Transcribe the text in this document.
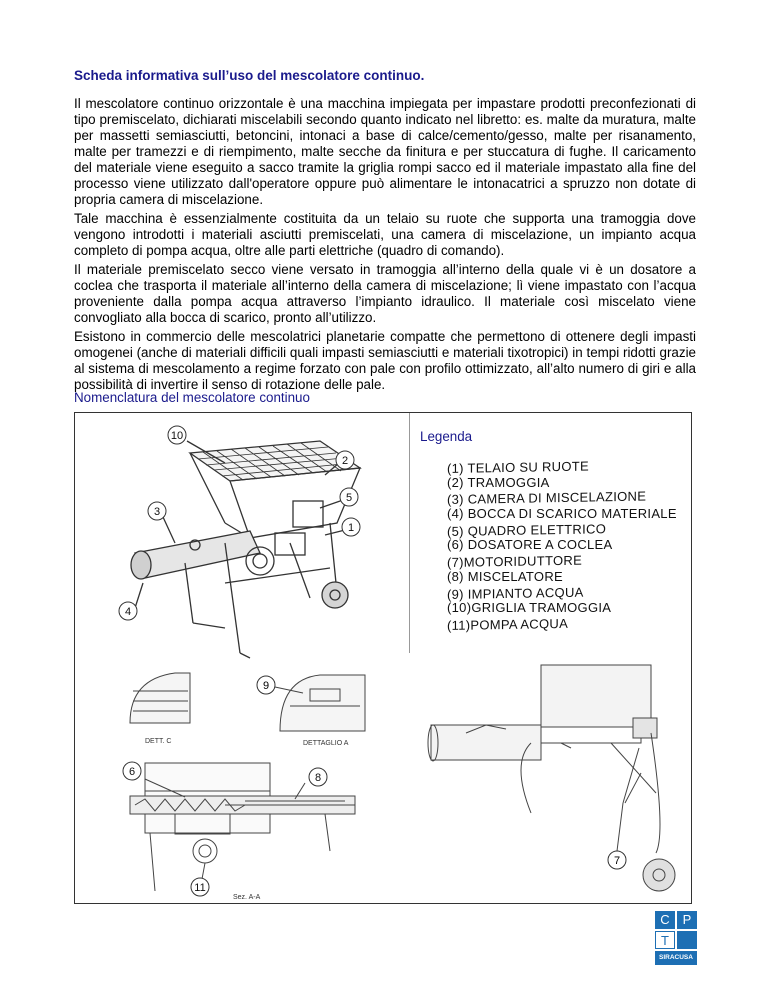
Scheda informativa sull’uso del mescolatore continuo.

Il mescolatore continuo orizzontale è una macchina impiegata per impastare prodotti preconfezionati di tipo premiscelato, dichiarati miscelabili secondo quanto indicato nel libretto: es. malte da muratura, malte per massetti semiasciutti, betoncini, intonaci a base di calce/cemento/gesso, malte per risanamento, malte per tramezzi e di riempimento, malte secche da finitura e per stuccatura di fughe. Il caricamento del materiale viene eseguito a sacco tramite la griglia rompi sacco ed il materiale impastato alla fine del processo viene utilizzato dall'operatore oppure può alimentare le intonacatrici a spruzzo non dotate di propria camera di miscelazione.

Tale macchina è essenzialmente costituita da un telaio su ruote che supporta una tramoggia dove vengono introdotti i materiali asciutti premiscelati, una camera di miscelazione, un impianto acqua completo di pompa acqua, oltre alle parti elettriche (quadro di comando).

Il materiale premiscelato secco viene versato in tramoggia all’interno della quale vi è un dosatore a coclea che trasporta il materiale all’interno della camera di miscelazione; lì viene impastato con l’acqua proveniente dalla pompa acqua attraverso l’impianto idraulico. Il materiale così miscelato viene convogliato alla bocca di scarico, pronto all’utilizzo.

Esistono in commercio delle mescolatrici planetarie compatte che permettono di ottenere degli impasti omogenei (anche di materiali difficili quali impasti semiasciutti e materiali tixotropici) in tempi ridotti grazie al sistema di mescolamento a regime forzato con pale con profilo ottimizzato, all’alto numero di giri e alla possibilità di invertire il senso di rotazione delle pale.

Nomenclatura del mescolatore continuo
Legenda
(1) TELAIO SU RUOTE
(2) TRAMOGGIA
(3) CAMERA DI MISCELAZIONE
(4) BOCCA DI SCARICO MATERIALE
(5) QUADRO ELETTRICO
(6) DOSATORE A COCLEA
(7)MOTORIDUTTORE
(8) MISCELATORE
(9) IMPIANTO ACQUA
(10)GRIGLIA TRAMOGGIA
(11)POMPA ACQUA
10
2
5
3
1
4
9
DETT. C	DETTAGLIO A
6	8
11
Sez. A-A
7
C P
T
SIRACUSA
